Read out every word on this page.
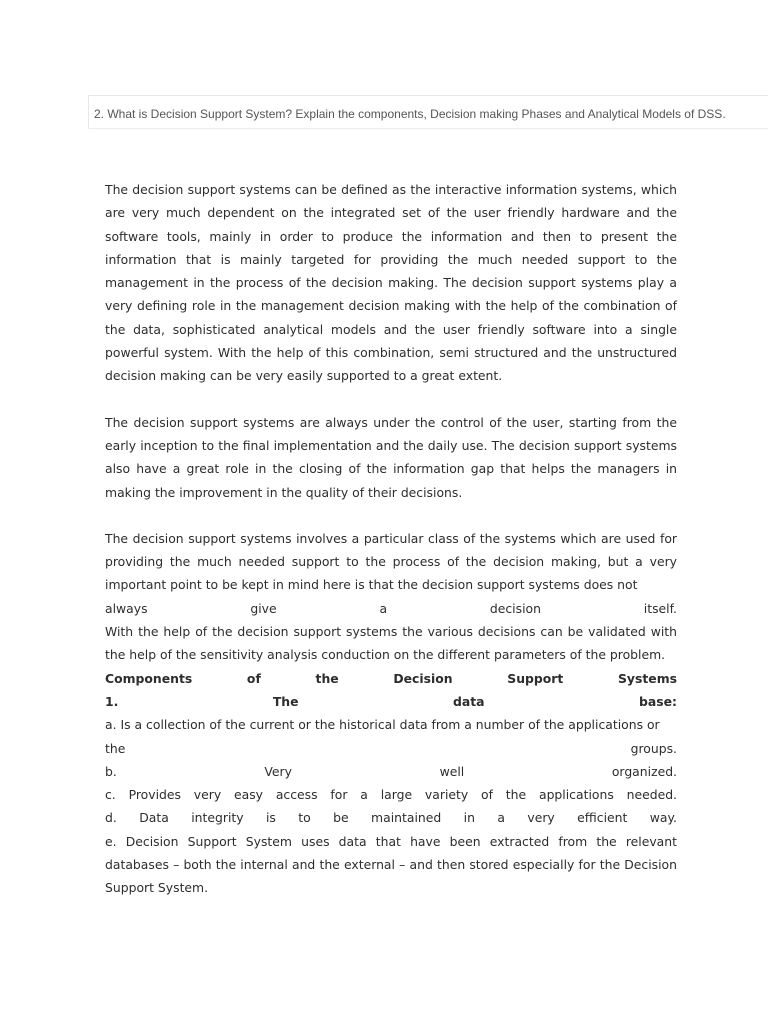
2. What is Decision Support System? Explain the components, Decision making Phases and Analytical Models of DSS.

The decision support systems can be defined as the interactive information systems, which are very much dependent on the integrated set of the user friendly hardware and the software tools, mainly in order to produce the information and then to present the information that is mainly targeted for providing the much needed support to the management in the process of the decision making. The decision support systems play a very defining role in the management decision making with the help of the combination of the data, sophisticated analytical models and the user friendly software into a single powerful system. With the help of this combination, semi structured and the unstructured decision making can be very easily supported to a great extent.

The decision support systems are always under the control of the user, starting from the early inception to the final implementation and the daily use. The decision support systems also have a great role in the closing of the information gap that helps the managers in making the improvement in the quality of their decisions.

The decision support systems involves a particular class of the systems which are used for providing the much needed support to the process of the decision making, but a very important point to be kept in mind here is that the decision support systems does not

always give a decision itself.

With the help of the decision support systems the various decisions can be validated with the help of the sensitivity analysis conduction on the different parameters of the problem.

Components of the Decision Support Systems

1. The data base:

a. Is a collection of the current or the historical data from a number of the applications or

the groups.

b. Very well organized.

c. Provides very easy access for a large variety of the applications needed.

d. Data integrity is to be maintained in a very efficient way.

e. Decision Support System uses data that have been extracted from the relevant databases – both the internal and the external – and then stored especially for the Decision Support System.
